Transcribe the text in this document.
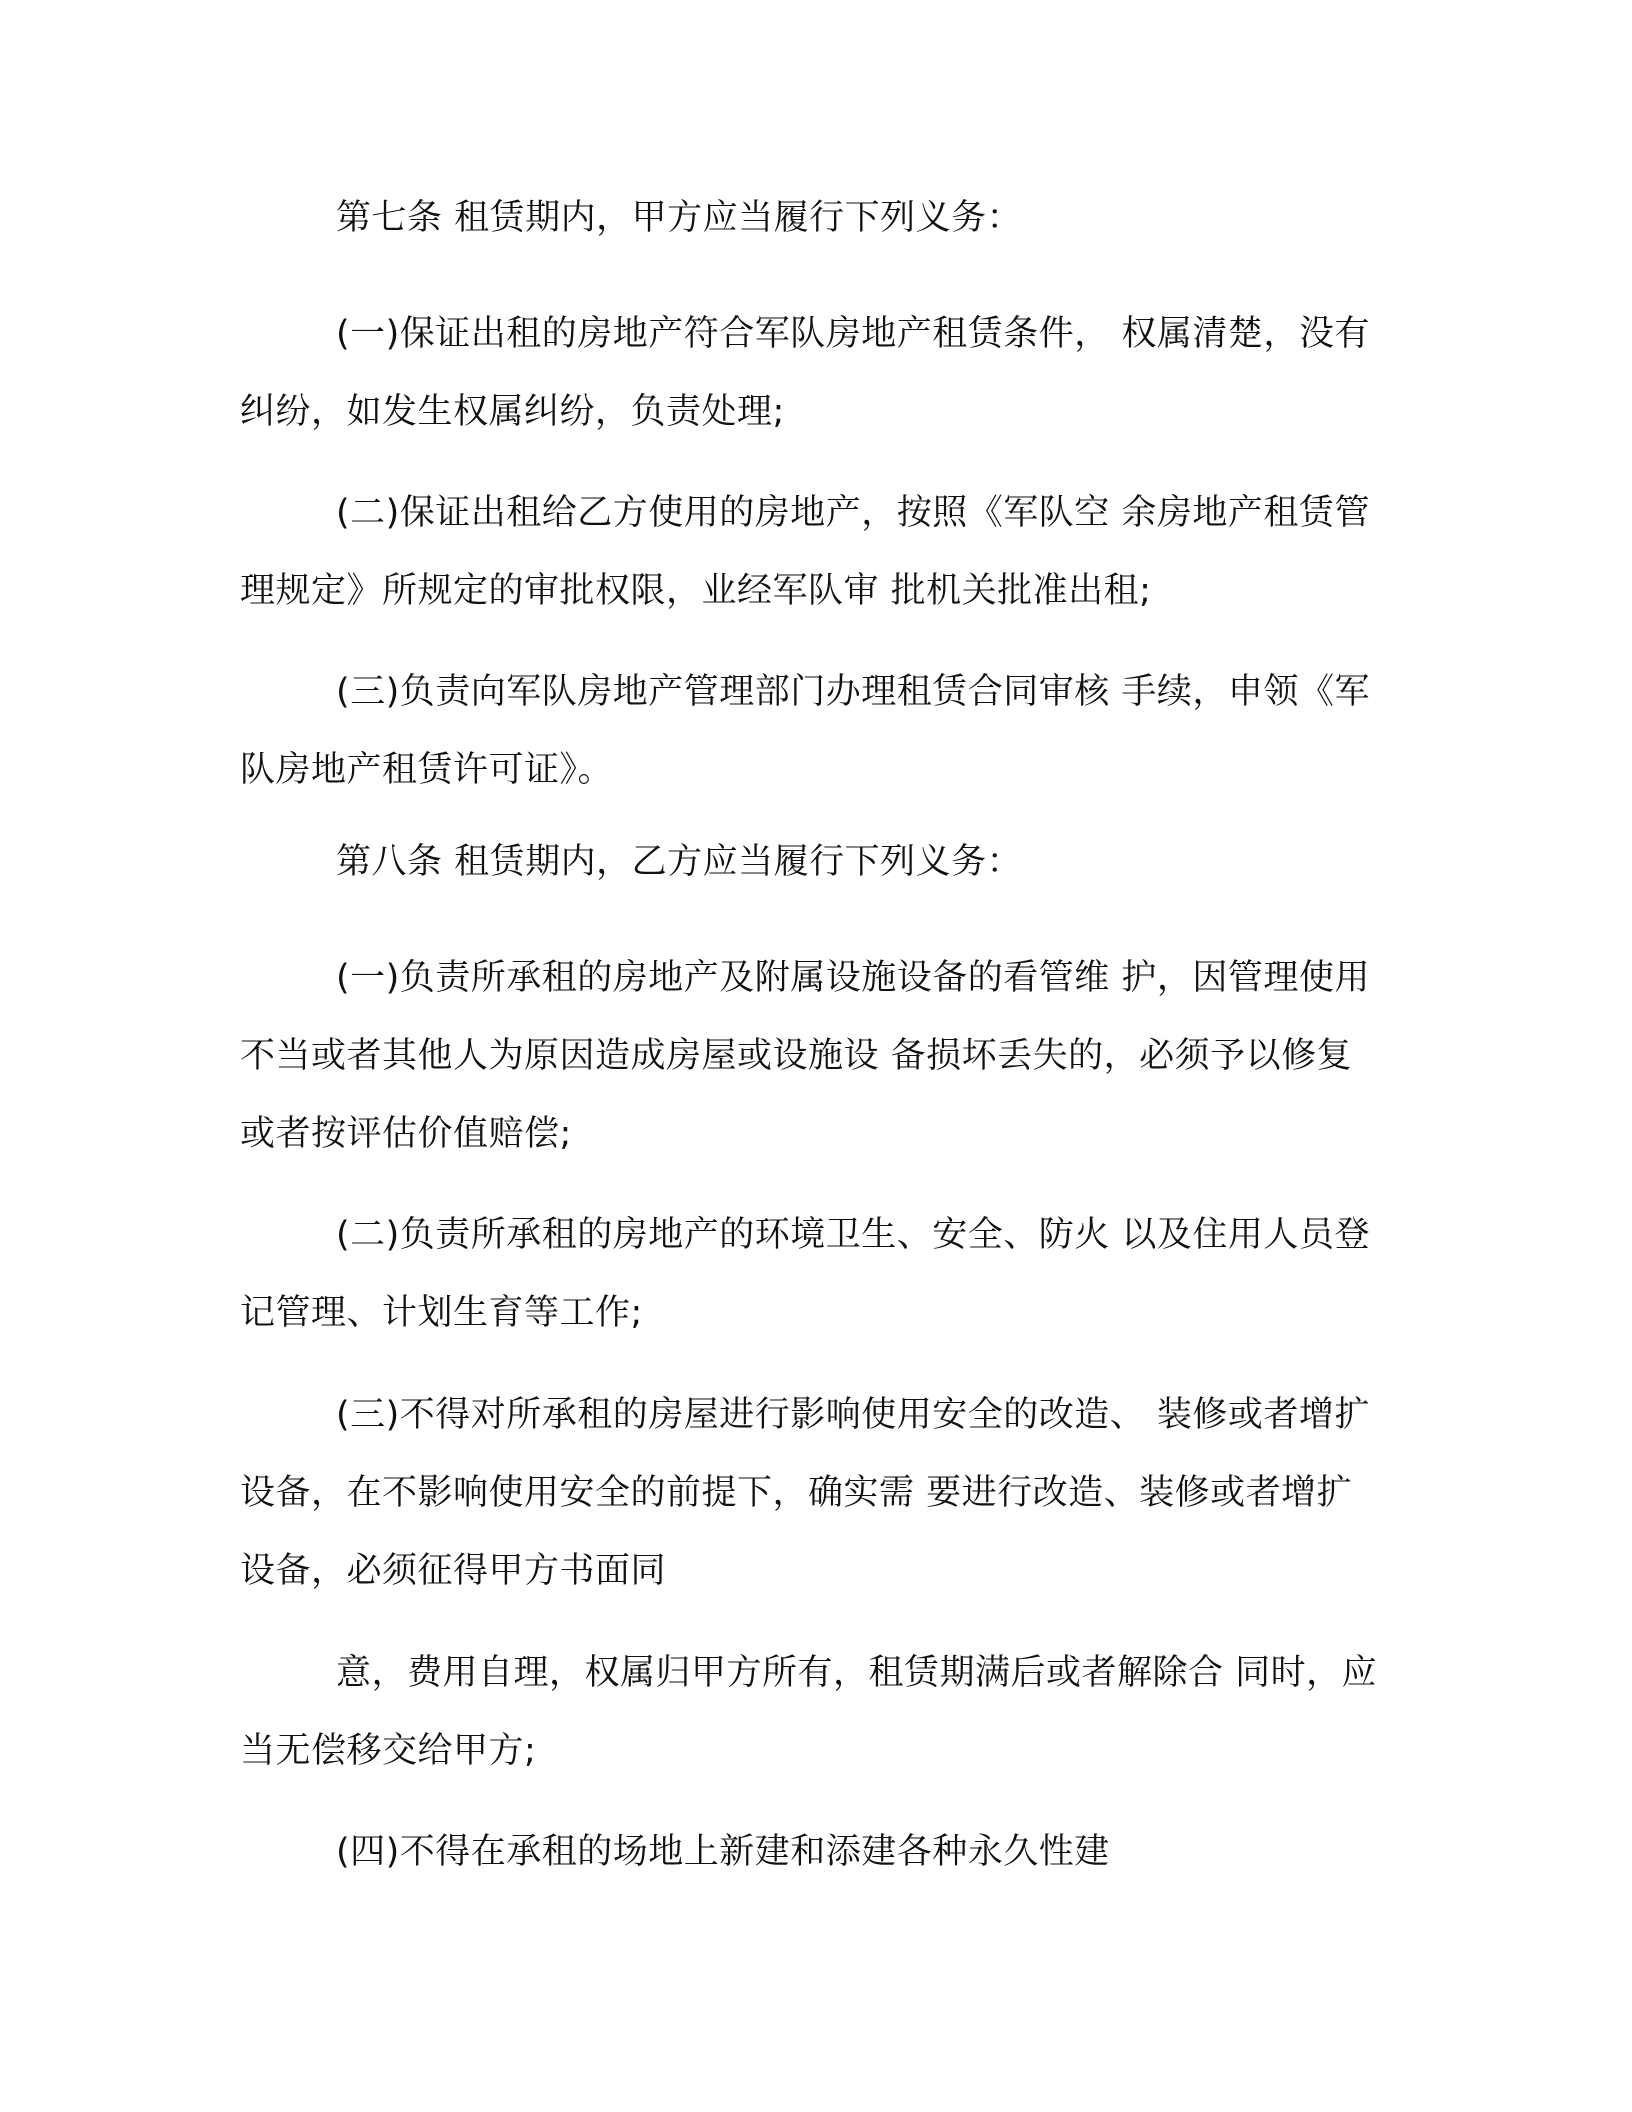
第七条 租赁期内，甲方应当履行下列义务：

(一)保证出租的房地产符合军队房地产租赁条件， 权属清楚，没有纠纷，如发生权属纠纷，负责处理;

(二)保证出租给乙方使用的房地产，按照《军队空 余房地产租赁管理规定》所规定的审批权限，业经军队审 批机关批准出租;

(三)负责向军队房地产管理部门办理租赁合同审核 手续，申领《军队房地产租赁许可证》。

第八条 租赁期内，乙方应当履行下列义务：

(一)负责所承租的房地产及附属设施设备的看管维 护，因管理使用不当或者其他人为原因造成房屋或设施设 备损坏丢失的，必须予以修复或者按评估价值赔偿;

(二)负责所承租的房地产的环境卫生、安全、防火 以及住用人员登记管理、计划生育等工作;

(三)不得对所承租的房屋进行影响使用安全的改造、 装修或者增扩设备，在不影响使用安全的前提下，确实需 要进行改造、装修或者增扩设备，必须征得甲方书面同

意，费用自理，权属归甲方所有，租赁期满后或者解除合 同时，应当无偿移交给甲方;

(四)不得在承租的场地上新建和添建各种永久性建
